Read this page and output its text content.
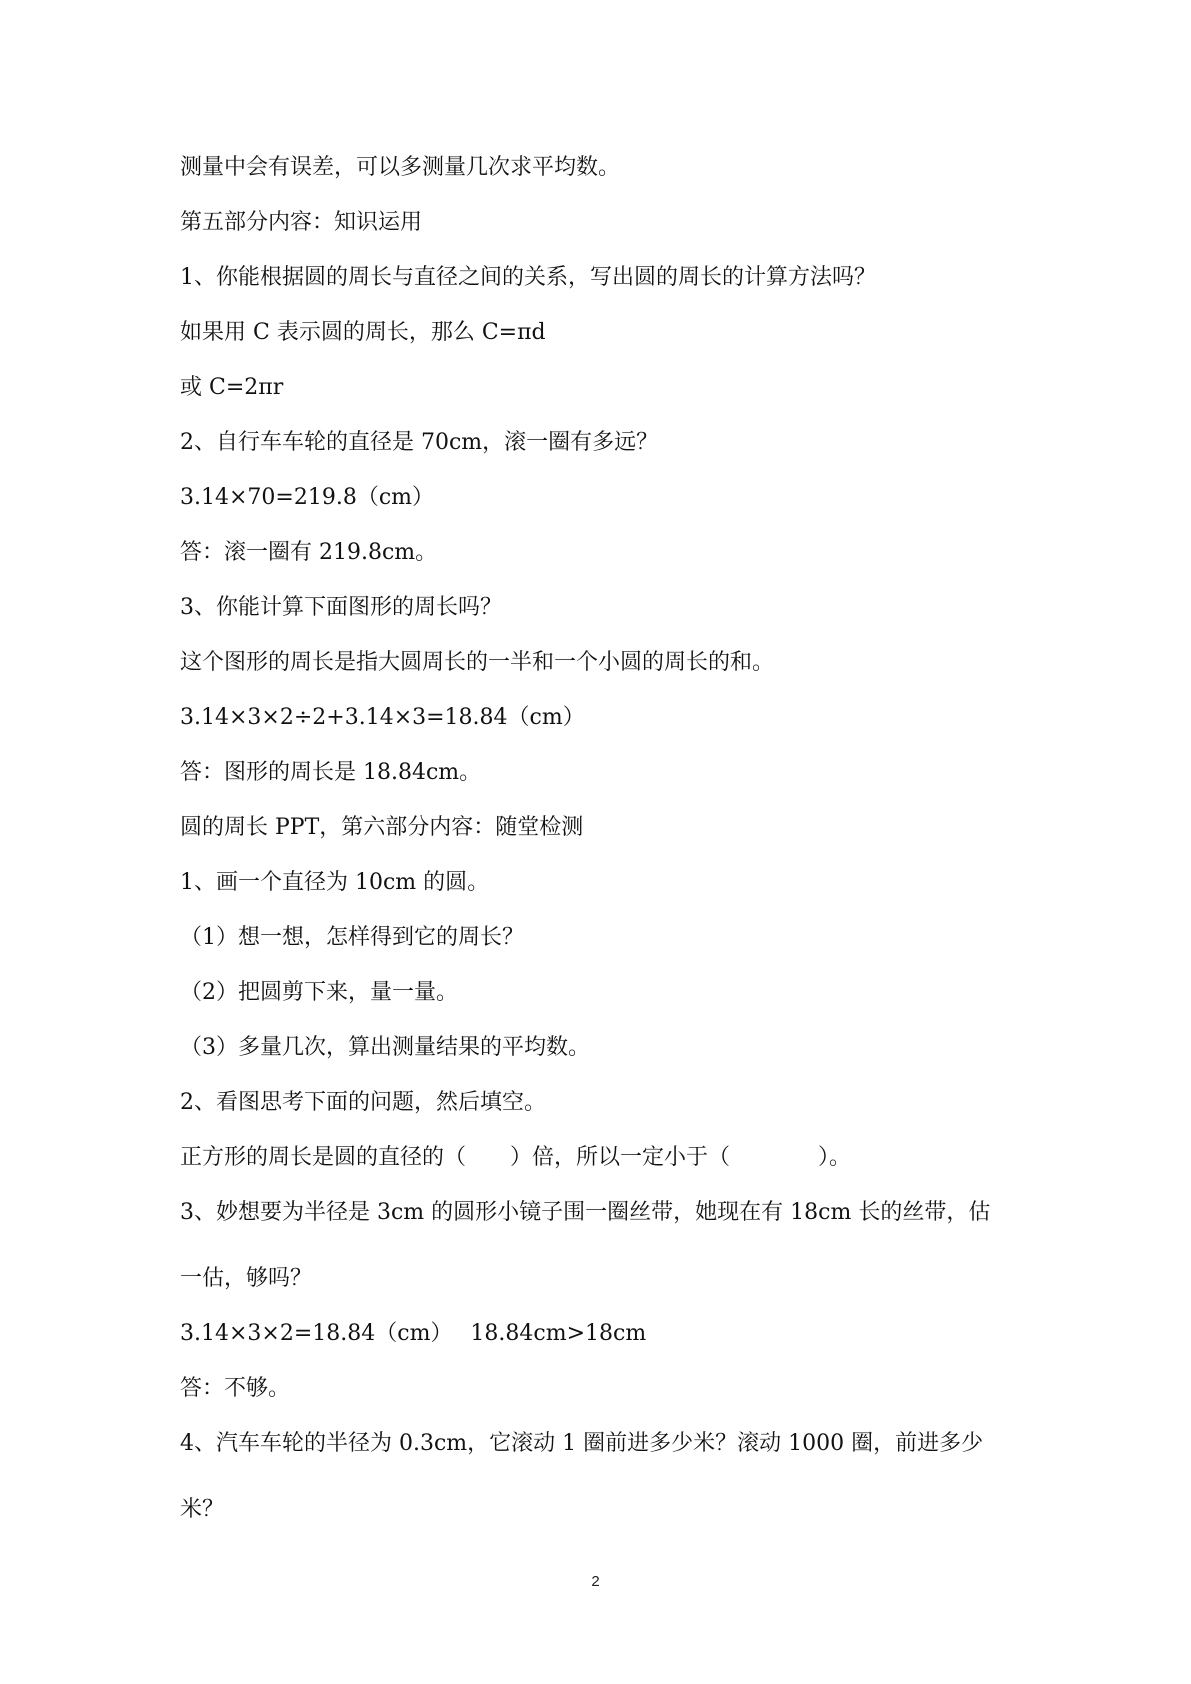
测量中会有误差，可以多测量几次求平均数。

第五部分内容：知识运用

1、你能根据圆的周长与直径之间的关系，写出圆的周长的计算方法吗？

如果用 C 表示圆的周长，那么 C=πd

或 C=2πr

2、自行车车轮的直径是 70cm，滚一圈有多远？

3.14×70=219.8（cm）

答：滚一圈有 219.8cm。

3、你能计算下面图形的周长吗？

这个图形的周长是指大圆周长的一半和一个小圆的周长的和。

3.14×3×2÷2+3.14×3=18.84（cm）

答：图形的周长是 18.84cm。

圆的周长 PPT，第六部分内容：随堂检测

1、画一个直径为 10cm 的圆。

（1）想一想，怎样得到它的周长？

（2）把圆剪下来，量一量。

（3）多量几次，算出测量结果的平均数。

2、看图思考下面的问题，然后填空。

正方形的周长是圆的直径的（　　）倍，所以一定小于（　　　　）。

3、妙想要为半径是 3cm 的圆形小镜子围一圈丝带，她现在有 18cm 长的丝带，估

一估，够吗？

3.14×3×2=18.84（cm）　 18.84cm>18cm

答：不够。

4、汽车车轮的半径为 0.3cm，它滚动 1 圈前进多少米？滚动 1000 圈，前进多少

米？

2
